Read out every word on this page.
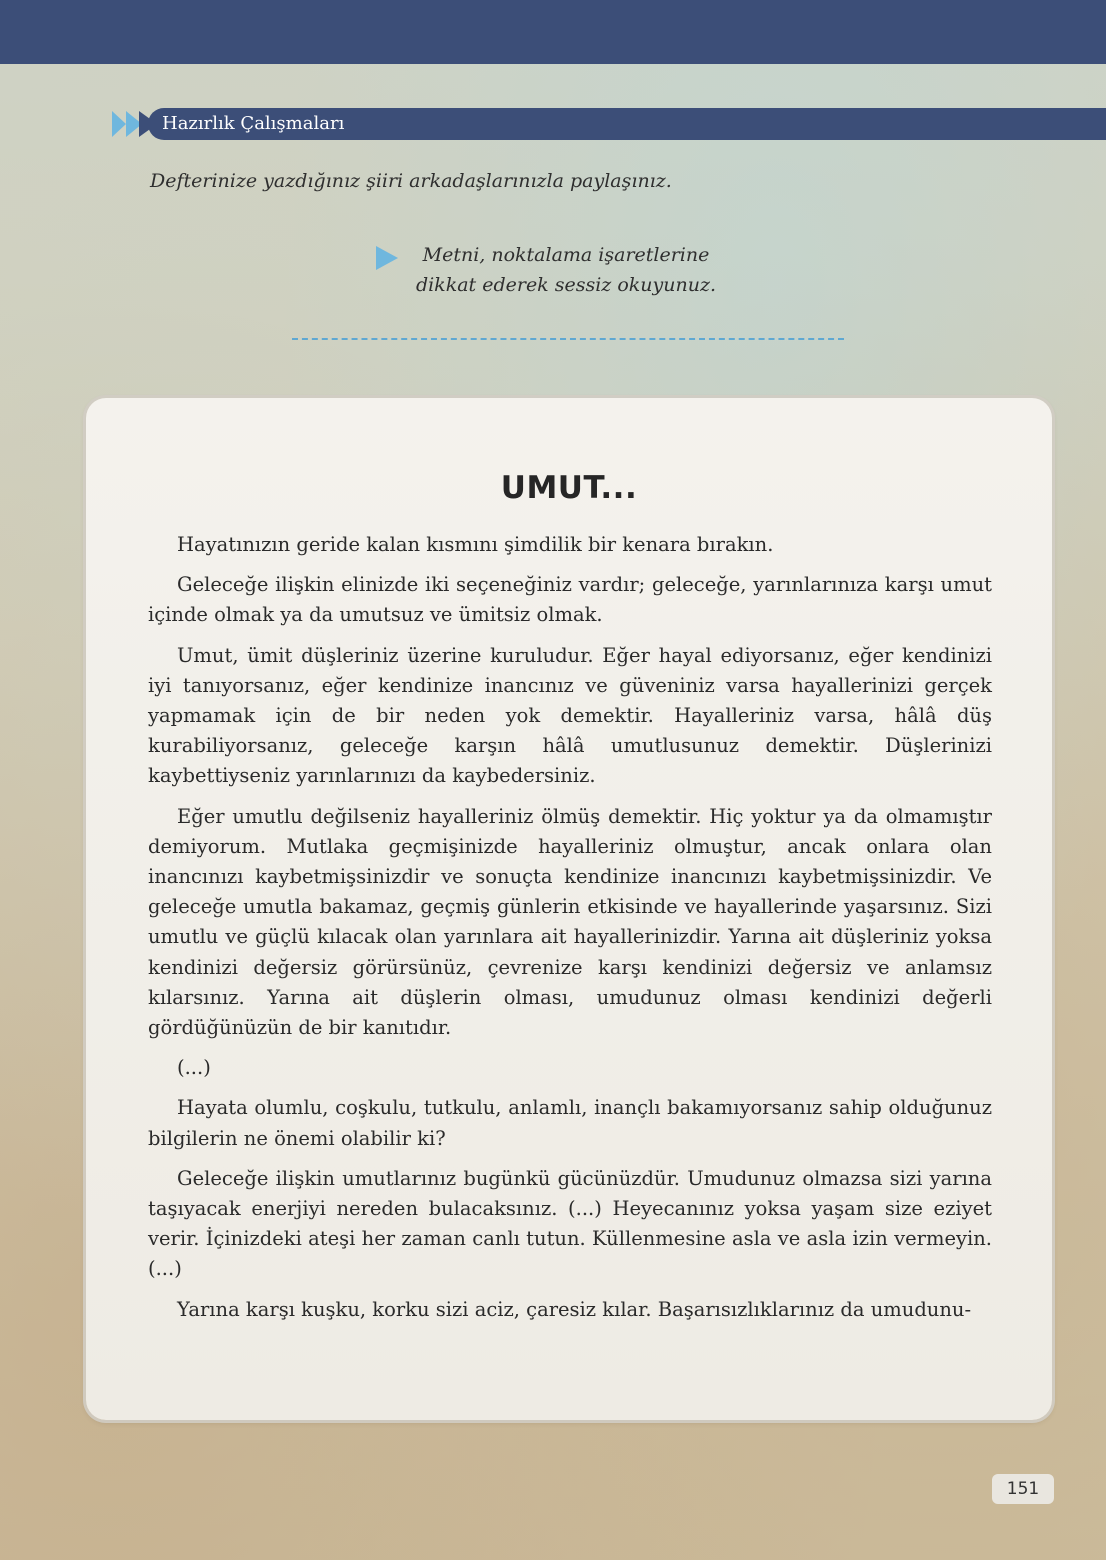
Hazırlık Çalışmaları
Defterinize yazdığınız şiiri arkadaşlarınızla paylaşınız.
Metni, noktalama işaretlerine
dikkat ederek sessiz okuyunuz.
UMUT...

Hayatınızın geride kalan kısmını şimdilik bir kenara bırakın.

Geleceğe ilişkin elinizde iki seçeneğiniz vardır; geleceğe, yarınlarınıza karşı umut içinde olmak ya da umutsuz ve ümitsiz olmak.

Umut, ümit düşleriniz üzerine kuruludur. Eğer hayal ediyorsanız, eğer kendinizi iyi tanıyorsanız, eğer kendinize inancınız ve güveniniz varsa hayallerinizi gerçek yapmamak için de bir neden yok demektir. Hayalleriniz varsa, hâlâ düş kurabiliyorsanız, geleceğe karşın hâlâ umutlusunuz demektir. Düşlerinizi kaybettiyseniz yarınlarınızı da kaybedersiniz.

Eğer umutlu değilseniz hayalleriniz ölmüş demektir. Hiç yoktur ya da olmamıştır demiyorum. Mutlaka geçmişinizde hayalleriniz olmuştur, ancak onlara olan inancınızı kaybetmişsinizdir ve sonuçta kendinize inancınızı kaybetmişsinizdir. Ve geleceğe umutla bakamaz, geçmiş günlerin etkisinde ve hayallerinde yaşarsınız. Sizi umutlu ve güçlü kılacak olan yarınlara ait hayallerinizdir. Yarına ait düşleriniz yoksa kendinizi değersiz görürsünüz, çevrenize karşı kendinizi değersiz ve anlamsız kılarsınız. Yarına ait düşlerin olması, umudunuz olması kendinizi değerli gördüğünüzün de bir kanıtıdır.

(...)

Hayata olumlu, coşkulu, tutkulu, anlamlı, inançlı bakamıyorsanız sahip olduğunuz bilgilerin ne önemi olabilir ki?

Geleceğe ilişkin umutlarınız bugünkü gücünüzdür. Umudunuz olmazsa sizi yarına taşıyacak enerjiyi nereden bulacaksınız. (...) Heyecanınız yoksa yaşam size eziyet verir. İçinizdeki ateşi her zaman canlı tutun. Küllenmesine asla ve asla izin vermeyin. (...)

Yarına karşı kuşku, korku sizi aciz, çaresiz kılar. Başarısızlıklarınız da umudunu-

151
